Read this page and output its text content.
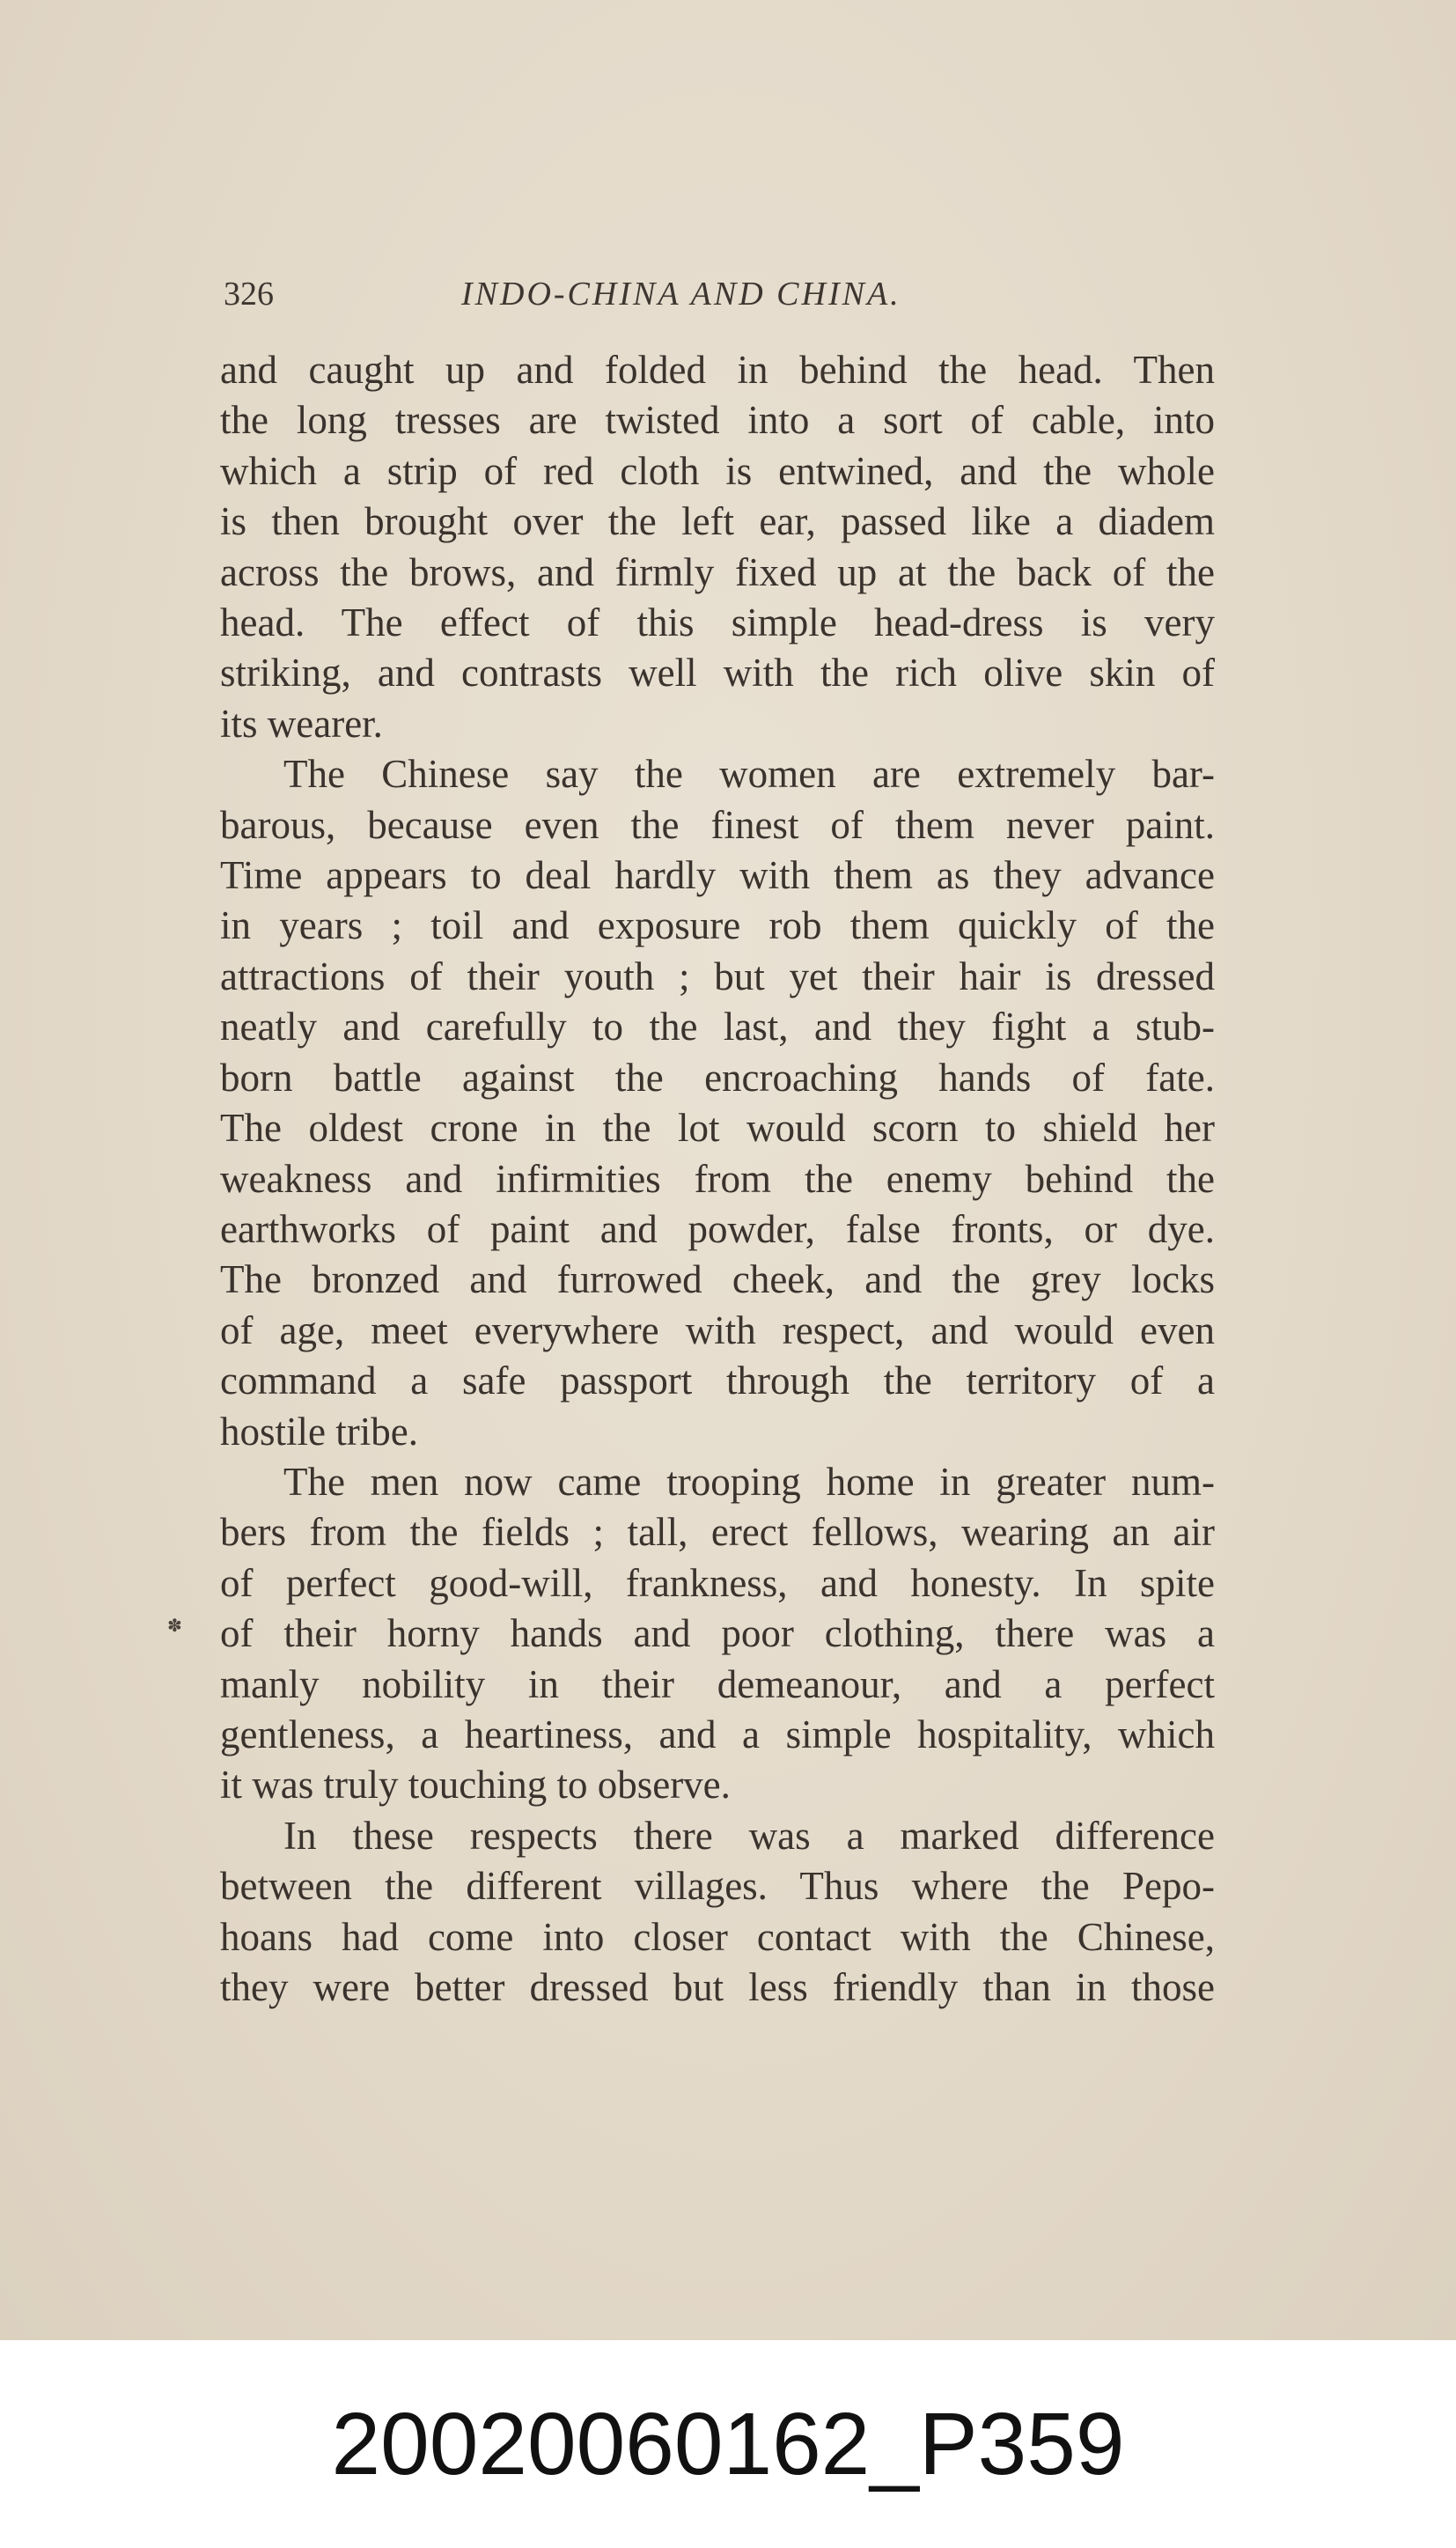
326	INDO-CHINA AND CHINA.

and caught up and folded in behind the head. Then
the long tresses are twisted into a sort of cable, into
which a strip of red cloth is entwined, and the whole
is then brought over the left ear, passed like a diadem
across the brows, and firmly fixed up at the back of the
head. The effect of this simple head-dress is very
striking, and contrasts well with the rich olive skin of
its wearer.

The Chinese say the women are extremely bar-
barous, because even the finest of them never paint.
Time appears to deal hardly with them as they advance
in years ; toil and exposure rob them quickly of the
attractions of their youth ; but yet their hair is dressed
neatly and carefully to the last, and they fight a stub-
born battle against the encroaching hands of fate.
The oldest crone in the lot would scorn to shield her
weakness and infirmities from the enemy behind the
earthworks of paint and powder, false fronts, or dye.
The bronzed and furrowed cheek, and the grey locks
of age, meet everywhere with respect, and would even
command a safe passport through the territory of a
hostile tribe.

The men now came trooping home in greater num-
bers from the fields ; tall, erect fellows, wearing an air
of perfect good-will, frankness, and honesty. In spite
of their horny hands and poor clothing, there was a
manly nobility in their demeanour, and a perfect
gentleness, a heartiness, and a simple hospitality, which
it was truly touching to observe.

In these respects there was a marked difference
between the different villages. Thus where the Pepo-
hoans had come into closer contact with the Chinese,
they were better dressed but less friendly than in those

✽
20020060162_P359
